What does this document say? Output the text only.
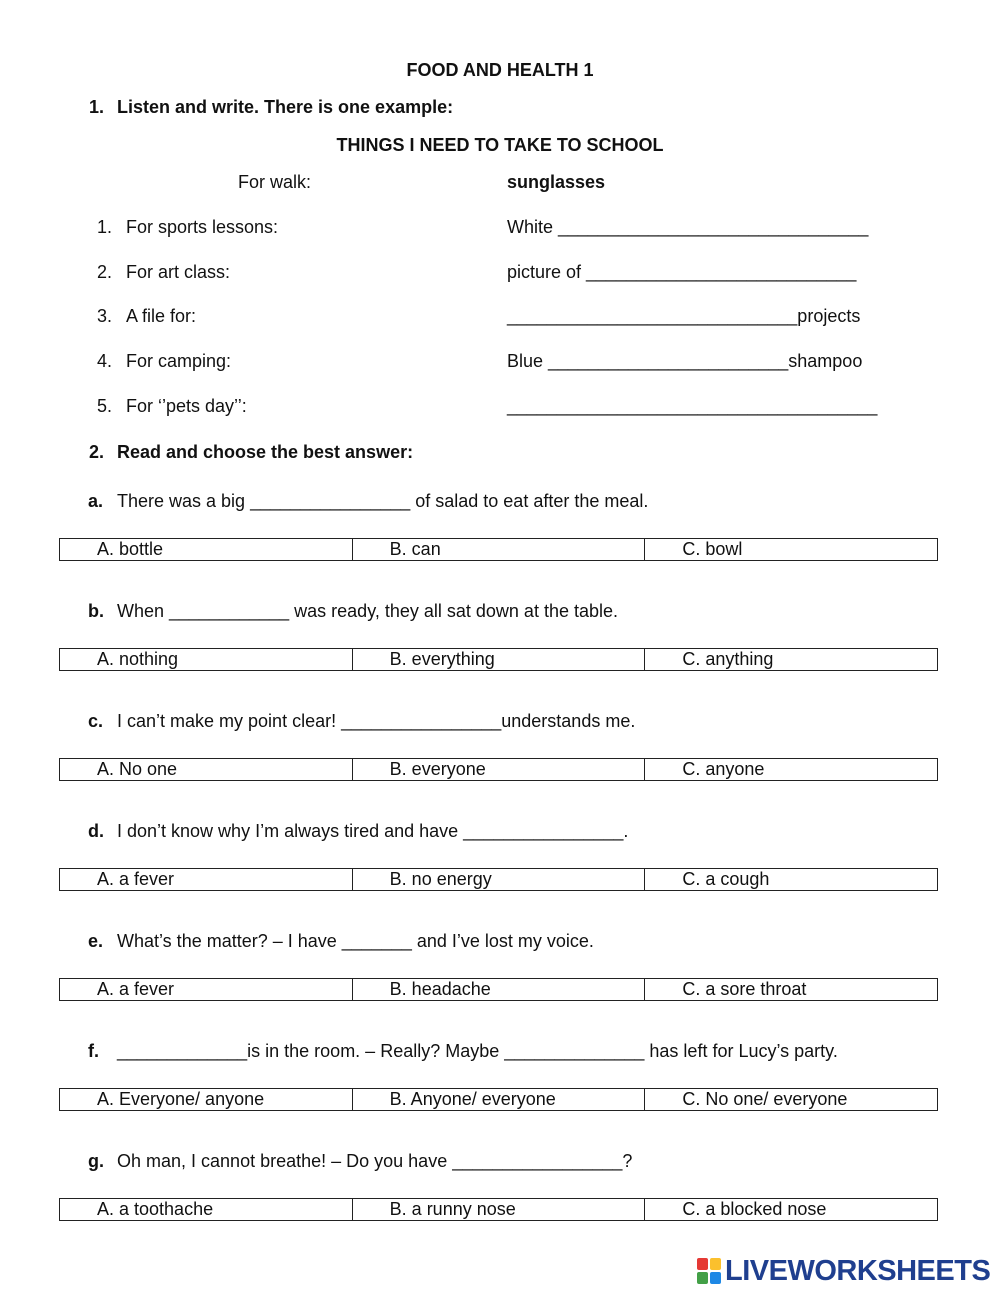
FOOD AND HEALTH 1
1. Listen and write. There is one example:
THINGS I NEED TO TAKE TO SCHOOL
For walk:	sunglasses
1. For sports lessons:	White _______________________________
2. For art class:	picture of ___________________________
3. A file for:	_____________________________projects
4. For camping:	Blue ________________________shampoo
5. For ‘’pets day’’:	_____________________________________
2. Read and choose the best answer:
a. There was a big ________________ of salad to eat after the meal.
A. bottle	B. can	C. bowl
b. When ____________ was ready, they all sat down at the table.
A. nothing	B. everything	C. anything
c. I can’t make my point clear! ________________understands me.
A. No one	B. everyone	C. anyone
d. I don’t know why I’m always tired and have ________________.
A. a fever	B. no energy	C. a cough
e. What’s the matter? – I have _______ and I’ve lost my voice.
A. a fever	B. headache	C. a sore throat
f. _____________is in the room. – Really? Maybe ______________ has left for Lucy’s party.
A. Everyone/ anyone	B. Anyone/ everyone	C. No one/ everyone
g. Oh man, I cannot breathe! – Do you have _________________?
A. a toothache	B. a runny nose	C. a blocked nose
LIVEWORKSHEETS
